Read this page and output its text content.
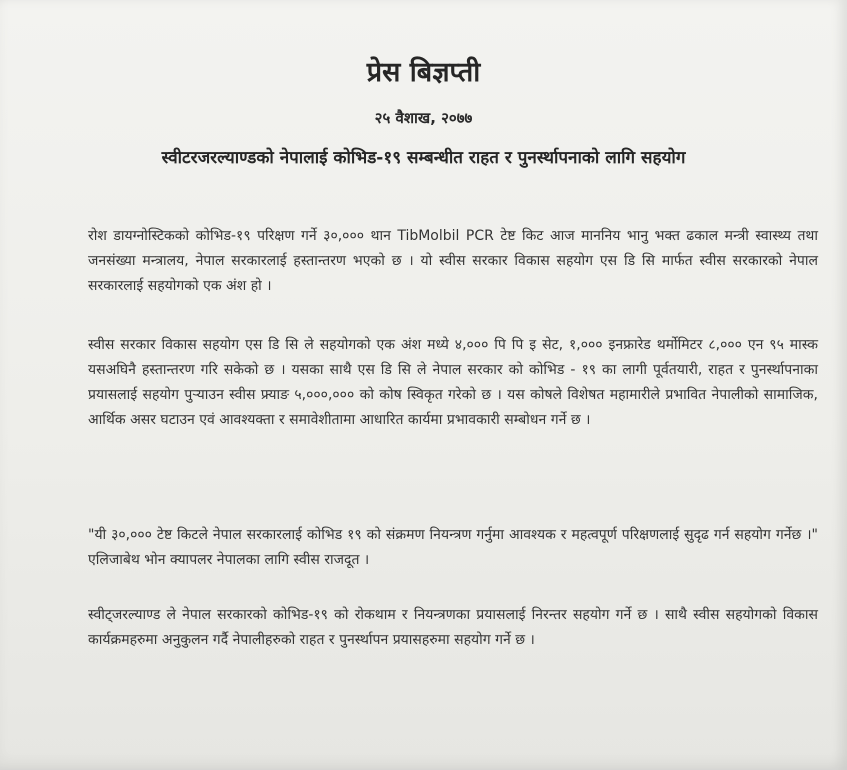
प्रेस बिज्ञप्ती
२५ वैशाख, २०७७
स्वीटरजरल्याण्डको नेपालाई कोभिड-१९ सम्बन्धीत राहत र पुनर्स्थापनाको लागि सहयोग

रोश डायग्नोस्टिकको कोभिड-१९ परिक्षण गर्ने ३०,००० थान TibMolbil PCR टेष्ट किट आज माननिय भानु भक्त ढकाल मन्त्री स्वास्थ्य तथा जनसंख्या मन्त्रालय, नेपाल सरकारलाई हस्तान्तरण भएको छ । यो स्वीस सरकार विकास सहयोग एस डि सि मार्फत स्वीस सरकारको नेपाल सरकारलाई सहयोगको एक अंश हो ।

स्वीस सरकार विकास सहयोग एस डि सि ले सहयोगको एक अंश मध्ये ४,००० पि पि इ सेट, १,००० इनफ्रारेड थर्मोमिटर ८,००० एन ९५ मास्क यसअघिनै हस्तान्तरण गरि सकेको छ । यसका साथै एस डि सि ले नेपाल सरकार को कोभिड - १९ का लागी पूर्वतयारी, राहत र पुनर्स्थापनाका प्रयासलाई सहयोग पुऱ्याउन स्वीस फ्र्याङ ५,०००,००० को कोष स्विकृत गरेको छ । यस कोषले विशेषत महामारीले प्रभावित नेपालीको सामाजिक, आर्थिक असर घटाउन एवं आवश्यक्ता र समावेशीतामा आधारित कार्यमा प्रभावकारी सम्बोधन गर्ने छ ।

"यी ३०,००० टेष्ट किटले नेपाल सरकारलाई कोभिड १९ को संक्रमण नियन्त्रण गर्नुमा आवश्यक र महत्वपूर्ण परिक्षणलाई सुदृढ गर्न सहयोग गर्नेछ ।" एलिजाबेथ भोन क्यापलर नेपालका लागि स्वीस राजदूत ।

स्वीट्जरल्याण्ड ले नेपाल सरकारको कोभिड-१९ को रोकथाम र नियन्त्रणका प्रयासलाई निरन्तर सहयोग गर्ने छ । साथै स्वीस सहयोगको विकास कार्यक्रमहरुमा अनुकुलन गर्दै नेपालीहरुको राहत र पुनर्स्थापन प्रयासहरुमा सहयोग गर्ने छ ।
